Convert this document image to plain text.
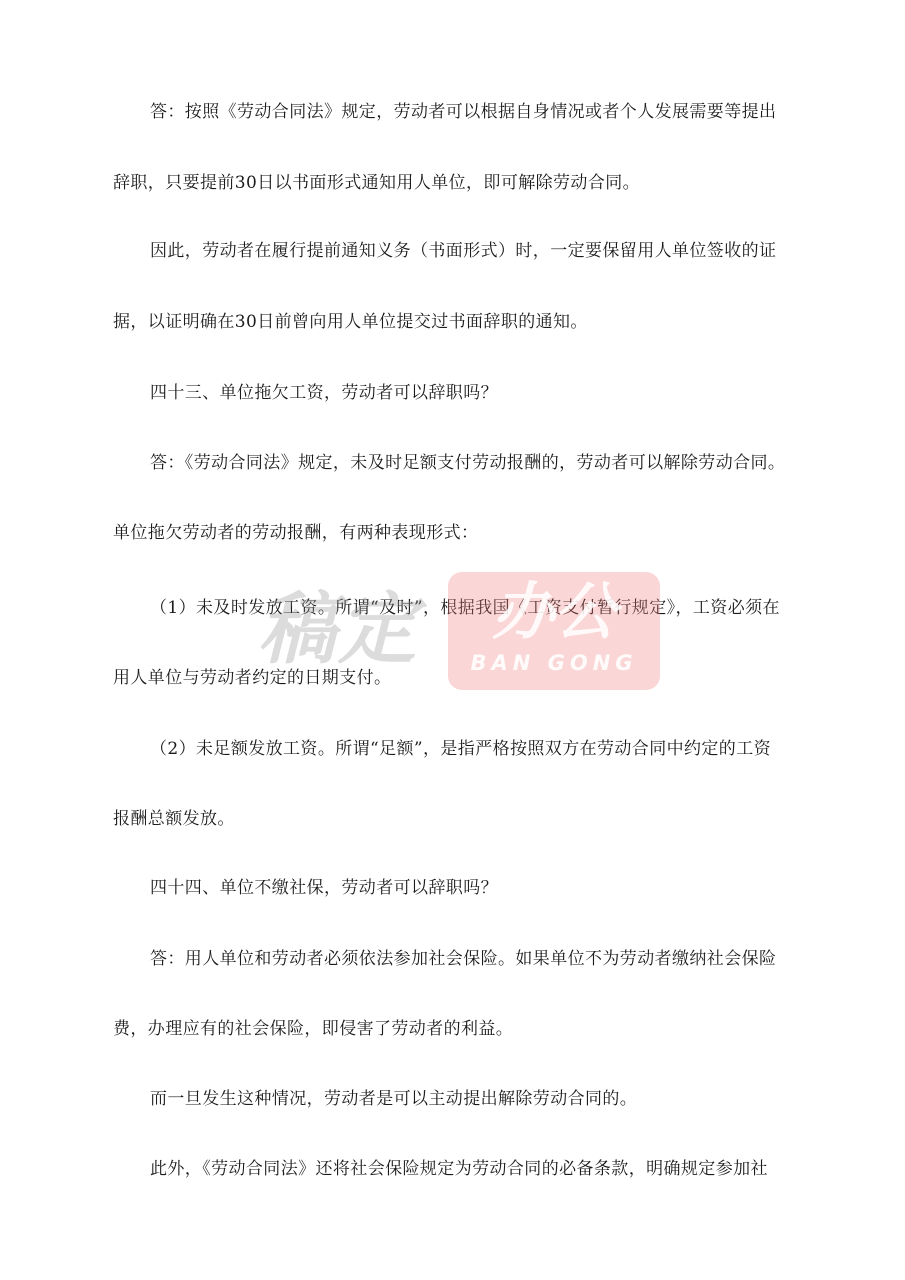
答：按照《劳动合同法》规定，劳动者可以根据自身情况或者个人发展需要等提出
辞职，只要提前30日以书面形式通知用人单位，即可解除劳动合同。
因此，劳动者在履行提前通知义务（书面形式）时，一定要保留用人单位签收的证
据，以证明确在30日前曾向用人单位提交过书面辞职的通知。
四十三、单位拖欠工资，劳动者可以辞职吗？
答：《劳动合同法》规定，未及时足额支付劳动报酬的，劳动者可以解除劳动合同。
单位拖欠劳动者的劳动报酬，有两种表现形式：
（1）未及时发放工资。所谓“及时”，根据我国《工资支付暂行规定》，工资必须在
用人单位与劳动者约定的日期支付。
（2）未足额发放工资。所谓“足额”，是指严格按照双方在劳动合同中约定的工资
报酬总额发放。
四十四、单位不缴社保，劳动者可以辞职吗？
答：用人单位和劳动者必须依法参加社会保险。如果单位不为劳动者缴纳社会保险
费，办理应有的社会保险，即侵害了劳动者的利益。
而一旦发生这种情况，劳动者是可以主动提出解除劳动合同的。
此外，《劳动合同法》还将社会保险规定为劳动合同的必备条款，明确规定参加社
稿定	办公
BAN GONG
